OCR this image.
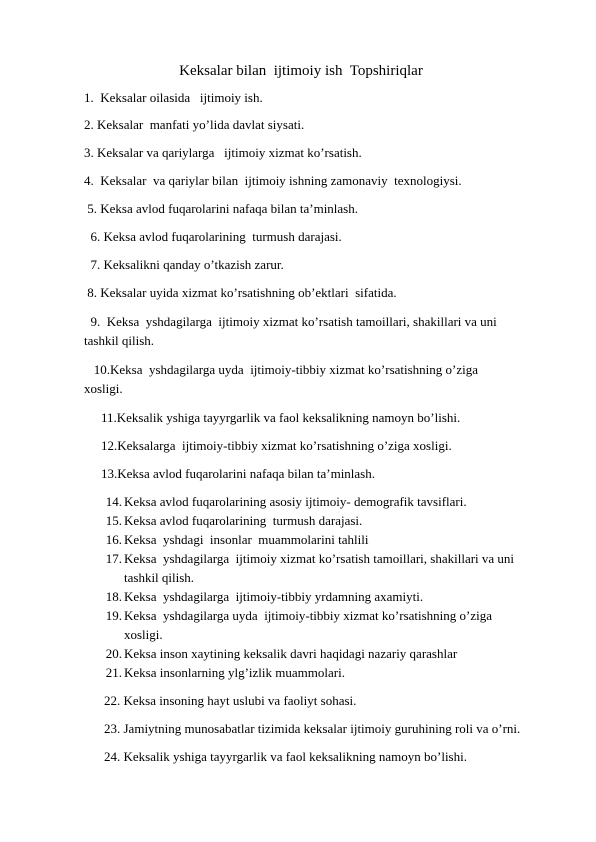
Keksalar bilan  ijtimoiy ish  Topshiriqlar
1.  Keksalar oilasida   ijtimoiy ish.
2. Keksalar  manfati yo’lida davlat siysati.
3. Keksalar va qariylarga   ijtimoiy xizmat ko’rsatish.
4.  Keksalar  va qariylar bilan  ijtimoiy ishning zamonaviy  texnologiysi.
5. Keksa avlod fuqarolarini nafaqa bilan ta’minlash.
6. Keksa avlod fuqarolarining  turmush darajasi.
7. Keksalikni qanday o’tkazish zarur.
8. Keksalar uyida xizmat ko’rsatishning ob’ektlari  sifatida.
9.  Keksa  yshdagilarga  ijtimoiy xizmat ko’rsatish tamoillari, shakillari va uni
tashkil qilish.
10.Keksa  yshdagilarga uyda  ijtimoiy-tibbiy xizmat ko’rsatishning o’ziga
xosligi.
11.Keksalik yshiga tayyrgarlik va faol keksalikning namoyn bo’lishi.
12.Keksalarga  ijtimoiy-tibbiy xizmat ko’rsatishning o’ziga xosligi.
13.Keksa avlod fuqarolarini nafaqa bilan ta’minlash.
14. Keksa avlod fuqarolarining asosiy ijtimoiy- demografik tavsiflari.
15. Keksa avlod fuqarolarining  turmush darajasi.
16. Keksa  yshdagi  insonlar  muammolarini tahlili
17. Keksa  yshdagilarga  ijtimoiy xizmat ko’rsatish tamoillari, shakillari va uni
tashkil qilish.
18. Keksa  yshdagilarga  ijtimoiy-tibbiy yrdamning axamiyti.
19. Keksa  yshdagilarga uyda  ijtimoiy-tibbiy xizmat ko’rsatishning o’ziga
xosligi.
20. Keksa inson xaytining keksalik davri haqidagi nazariy qarashlar
21. Keksa insonlarning ylg’izlik muammolari.
22. Keksa insoning hayt uslubi va faoliyt sohasi.
23. Jamiytning munosabatlar tizimida keksalar ijtimoiy guruhining roli va o’rni.
24. Keksalik yshiga tayyrgarlik va faol keksalikning namoyn bo’lishi.
